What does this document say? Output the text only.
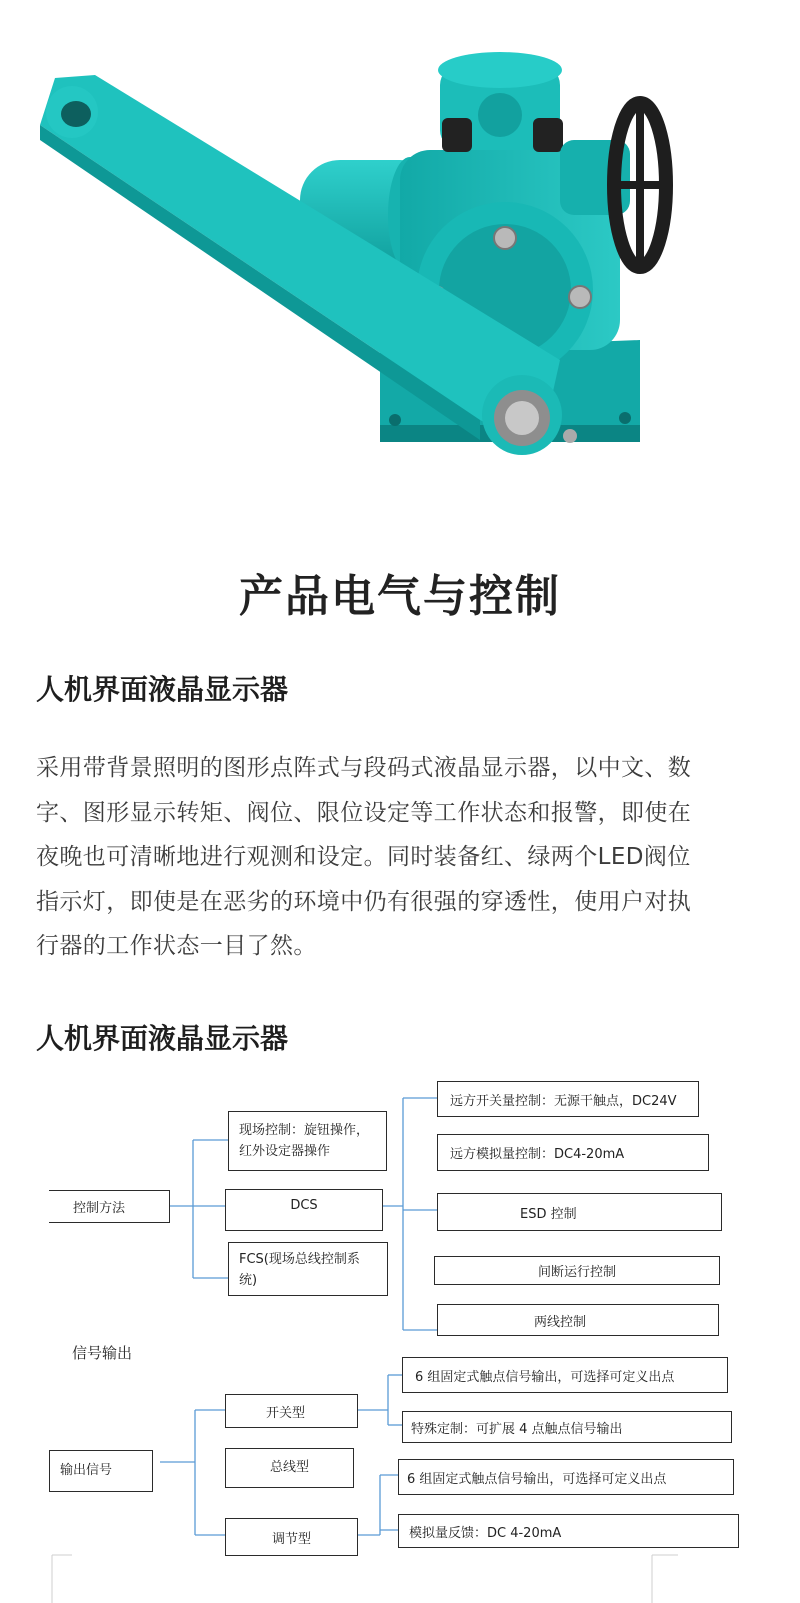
产品电气与控制
人机界面液晶显示器

采用带背景照明的图形点阵式与段码式液晶显示器，以中文、数
字、图形显示转矩、阀位、限位设定等工作状态和报警，即使在
夜晚也可清晰地进行观测和设定。同时装备红、绿两个LED阀位
指示灯，即使是在恶劣的环境中仍有很强的穿透性，使用户对执
行器的工作状态一目了然。

人机界面液晶显示器
控制方法
现场控制：旋钮操作，
红外设定器操作
DCS
FCS(现场总线控制系
统)
远方开关量控制：无源干触点，DC24V
远方模拟量控制：DC4-20mA
ESD 控制
间断运行控制
两线控制
信号输出
输出信号
开关型
总线型
调节型
6 组固定式触点信号输出，可选择可定义出点
特殊定制：可扩展 4 点触点信号输出
6 组固定式触点信号输出，可选择可定义出点
模拟量反馈：DC 4-20mA
